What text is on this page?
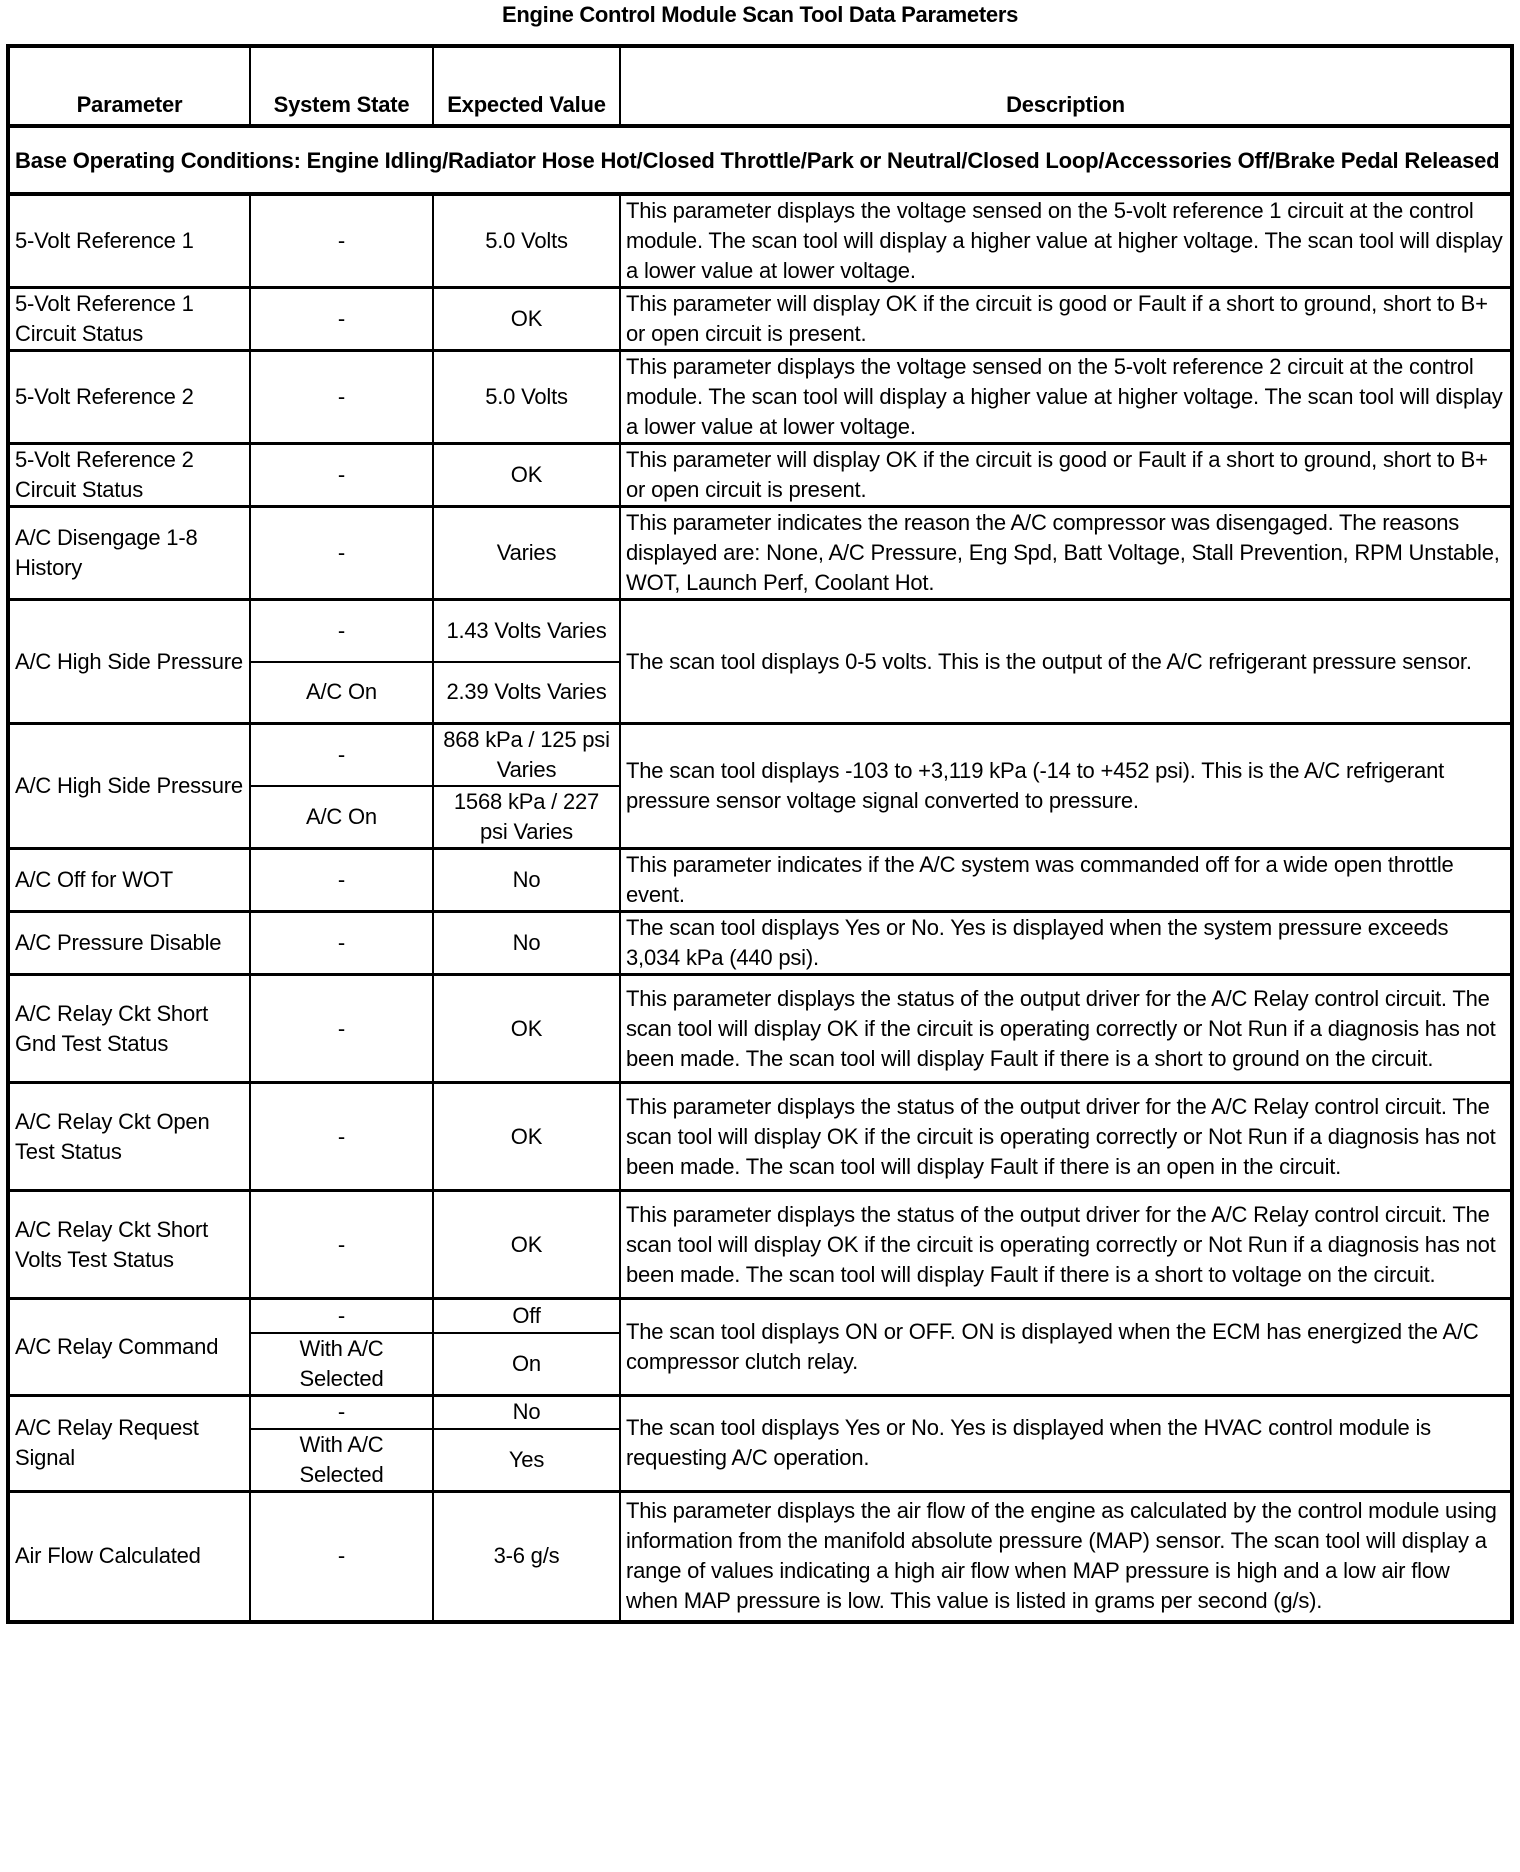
Engine Control Module Scan Tool Data Parameters
Parameter	System State	Expected Value	Description
Base Operating Conditions: Engine Idling/Radiator Hose Hot/Closed Throttle/Park or Neutral/Closed Loop/Accessories Off/Brake Pedal Released			
5-Volt Reference 1	-	5.0 Volts	This parameter displays the voltage sensed on the 5-volt reference 1 circuit at the control module. The scan tool will display a higher value at higher voltage. The scan tool will display a lower value at lower voltage.
5-Volt Reference 1 Circuit Status	-	OK	This parameter will display OK if the circuit is good or Fault if a short to ground, short to B+ or open circuit is present.
5-Volt Reference 2	-	5.0 Volts	This parameter displays the voltage sensed on the 5-volt reference 2 circuit at the control module. The scan tool will display a higher value at higher voltage. The scan tool will display a lower value at lower voltage.
5-Volt Reference 2 Circuit Status	-	OK	This parameter will display OK if the circuit is good or Fault if a short to ground, short to B+ or open circuit is present.
A/C Disengage 1-8 History	-	Varies	This parameter indicates the reason the A/C compressor was disengaged. The reasons displayed are: None, A/C Pressure, Eng Spd, Batt Voltage, Stall Prevention, RPM Unstable, WOT, Launch Perf, Coolant Hot.
A/C High Side Pressure	-	1.43 Volts Varies	The scan tool displays 0-5 volts. This is the output of the A/C refrigerant pressure sensor.
	A/C On	2.39 Volts Varies	
A/C High Side Pressure	-	868 kPa / 125 psi Varies	The scan tool displays -103 to +3,119 kPa (-14 to +452 psi). This is the A/C refrigerant pressure sensor voltage signal converted to pressure.
	A/C On	1568 kPa / 227 psi Varies	
A/C Off for WOT	-	No	This parameter indicates if the A/C system was commanded off for a wide open throttle event.
A/C Pressure Disable	-	No	The scan tool displays Yes or No. Yes is displayed when the system pressure exceeds 3,034 kPa (440 psi).
A/C Relay Ckt Short Gnd Test Status	-	OK	This parameter displays the status of the output driver for the A/C Relay control circuit. The scan tool will display OK if the circuit is operating correctly or Not Run if a diagnosis has not been made. The scan tool will display Fault if there is a short to ground on the circuit.
A/C Relay Ckt Open Test Status	-	OK	This parameter displays the status of the output driver for the A/C Relay control circuit. The scan tool will display OK if the circuit is operating correctly or Not Run if a diagnosis has not been made. The scan tool will display Fault if there is an open in the circuit.
A/C Relay Ckt Short Volts Test Status	-	OK	This parameter displays the status of the output driver for the A/C Relay control circuit. The scan tool will display OK if the circuit is operating correctly or Not Run if a diagnosis has not been made. The scan tool will display Fault if there is a short to voltage on the circuit.
A/C Relay Command	-	Off	The scan tool displays ON or OFF. ON is displayed when the ECM has energized the A/C compressor clutch relay.
	With A/C Selected	On	
A/C Relay Request Signal	-	No	The scan tool displays Yes or No. Yes is displayed when the HVAC control module is requesting A/C operation.
	With A/C Selected	Yes	
Air Flow Calculated	-	3-6 g/s	This parameter displays the air flow of the engine as calculated by the control module using information from the manifold absolute pressure (MAP) sensor. The scan tool will display a range of values indicating a high air flow when MAP pressure is high and a low air flow when MAP pressure is low. This value is listed in grams per second (g/s).
